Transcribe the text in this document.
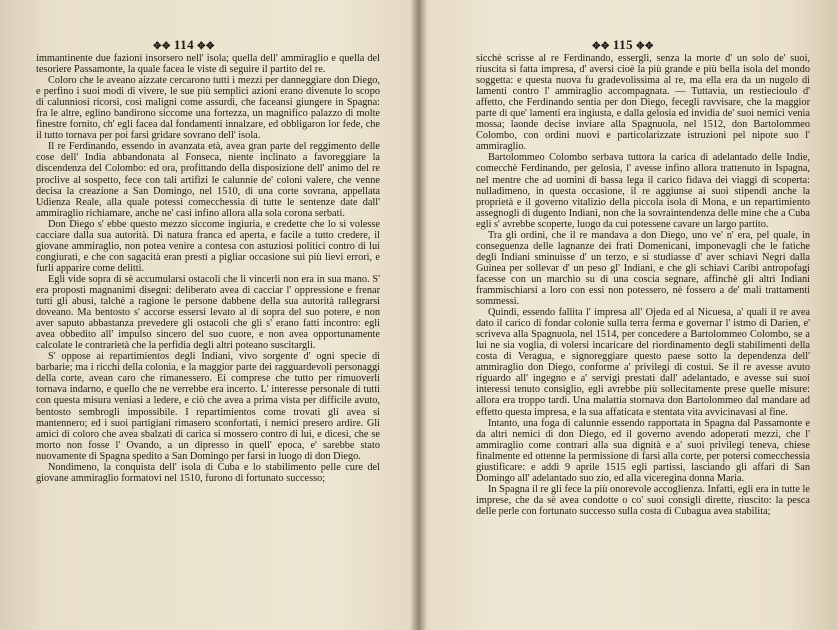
✥✥ 114 ✥✥

immantinente due fazioni insorsero nell' isola; quella dell' ammiraglio e quella del tesoriere Passamonte, la quale facea le viste di seguire il partito del re.

Coloro che le aveano aizzate cercarono tutti i mezzi per danneggiare don Diego, e perfino i suoi modi di vivere, le sue più semplici azioni erano divenute lo scopo di calunniosi ricorsi, così maligni come assurdi, che faceansi giungere in Spagna: fra le altre, eglino bandirono siccome una fortezza, un magnifico palazzo di molte finestre fornito, ch' egli facea dal fondamenti innalzare, ed obbligaron lor fede, che il tutto tornava per poi farsi gridare sovrano dell' isola.

Il re Ferdinando, essendo in avanzata età, avea gran parte del reggimento delle cose dell' India abbandonata al Fonseca, niente inclinato a favoreggiare la discendenza del Colombo: ed ora, profittando della disposizione dell' animo del re proclive al sospetto, fece con tali artifizi le calunnie de' coloni valere, che venne decisa la creazione a San Domingo, nel 1510, di una corte sovrana, appellata Udienza Reale, alla quale potessi comecchessia di tutte le sentenze date dall' ammiraglio richiamare, anche ne' casi infino allora alla sola corona serbati.

Don Diego s' ebbe questo mezzo siccome ingiuria, e credette che lo si volesse cacciare dalla sua autorità. Di natura franca ed aperta, e facile a tutto credere, il giovane ammiraglio, non potea venire a contesa con astuziosi politici contro di lui congiurati, e che con sagacità eran presti a pigliar occasione sui più lievi errori, e furli apparire come delitti.

Egli vide sopra di sè accumularsi ostacoli che li vincerli non era in sua mano. S' era proposti magnanimi disegni: deliberato avea di cacciar l' oppressione e frenar tutti gli abusi, talchè a ragione le persone dabbene della sua autorità rallegrarsi doveano. Ma bentosto s' accorse essersi levato al di sopra del suo potere, e non aver saputo abbastanza prevedere gli ostacoli che gli s' erano fatti incontro: egli avea obbedito all' impulso sincero del suo cuore, e non avea opportunamente calcolate le contrarietà che la perfidia degli altri poteano suscitargli.

S' oppose ai repartimientos degli Indiani, vivo sorgente d' ogni specie di barbarie; ma i ricchi della colonia, e la maggior parte dei ragguardevoli personaggi della corte, avean caro che rimanessero. Ei comprese che tutto per rimuoverli tornava indarno, e quello che ne verrebbe era incerto. L' interesse personale di tutti con questa misura veniasi a ledere, e ciò che avea a prima vista per difficile avuto, bentosto sembrogli impossibile. I repartimientos come trovati gli avea si mantennero; ed i suoi partigiani rimasero sconfortati, i nemici presero ardire. Gli amici di coloro che avea sbalzati di carica si mossero contro di lui, e dicesi, che se morto non fosse l' Ovando, a un dipresso in quell' epoca, e' sarebbe stato nuovamente di Spagna spedito a San Domingo per farsi in luogo di don Diego.

Nondimeno, la conquista dell' isola di Cuba e lo stabilimento pelle cure del giovane ammiraglio formatovi nel 1510, furono di fortunato successo;

✥✥ 115 ✥✥

sicchè scrisse al re Ferdinando, essergli, senza la morte d' un solo de' suoi, riuscita sì fatta impresa, d' aversi cioè la più grande e più bella isola del mondo soggetta: e questa nuova fu gradevolissima al re, ma ella era da un nugolo di lamenti contro l' ammiraglio accompagnata. — Tuttavia, un restiecioulo d' affetto, che Ferdinando sentia per don Diego, fecegli ravvisare, che la maggior parte di que' lamenti era ingiusta, e dalla gelosia ed invidia de' suoi nemici venia mossa; laonde decise inviare alla Spagnuola, nel 1512, don Bartolommeo Colombo, con ordini nuovi e particolarizzate istruzioni pel nipote suo l' ammiraglio.

Bartolommeo Colombo serbava tuttora la carica di adelantado delle Indie, comecchè Ferdinando, per gelosia, l' avesse infino allora trattenuto in Ispagna, nel mentre che ad uomini di bassa lega il carico fidava dei viaggi di scoperta: nulladimeno, in questa occasione, il re aggiunse ai suoi stipendi anche la proprietà e il governo vitalizio della piccola isola di Mona, e un repartimiento assegnogli di dugento Indiani, non che la sovraintendenza delle mine che a Cuba egli s' avrebbe scoperte, luogo da cui potessene cavare un largo partito.

Tra gli ordini, che il re mandava a don Diego, uno ve' n' era, pel quale, in conseguenza delle lagnanze dei frati Domenicani, imponevagli che le fatiche degli Indiani sminuisse d' un terzo, e si studiasse d' aver schiavi Negri dalla Guinea per sollevar d' un peso gl' Indiani, e che gli schiavi Caribi antropofagi facesse con un marchio su di una coscia segnare, affinchè gli altri Indiani frammischiarsi a loro con essi non potessero, nè fossero a de' mali trattamenti sommessi.

Quindi, essendo fallita l' impresa all' Ojeda ed al Nicuesa, a' quali il re avea dato il carico di fondar colonie sulla terra ferma e governar l' istmo di Darien, e' scriveva alla Spagnuola, nel 1514, per concedere a Bartolommeo Colombo, se a lui ne sia voglia, di volersi incaricare del riordinamento degli stabilimenti della costa di Veragua, e signoreggiare questo paese sotto la dependenza dell' ammiraglio don Diego, conforme a' privilegi di costui. Se il re avesse avuto riguardo all' ingegno e a' servigi prestati dall' adelantado, e avesse sui suoi interessi tenuto consiglio, egli avrebbe più sollecitamente prese quelle misure: allora era troppo tardi. Una malattia stornava don Bartolommeo dal mandare ad effetto questa impresa, e la sua affaticata e stentata vita avvicinavasi al fine.

Intanto, una foga di calunnie essendo rapportata in Spagna dal Passamonte e da altri nemici di don Diego, ed il governo avendo adoperati mezzi, che l' ammiraglio come contrari alla sua dignità e a' suoi privilegi teneva, chiese finalmente ed ottenne la permissione di farsi alla corte, per potersi comecchessia giustificare: e addì 9 aprile 1515 egli partissi, lasciando gli affari di San Domingo all' adelantado suo zio, ed alla viceregina donna Maria.

In Spagna il re gli fece la più onorevole accoglienza. Infatti, egli era in tutte le imprese, che da sè avea condotte o co' suoi consigli dirette, riuscito: la pesca delle perle con fortunato successo sulla costa di Cubagua avea stabilita;
